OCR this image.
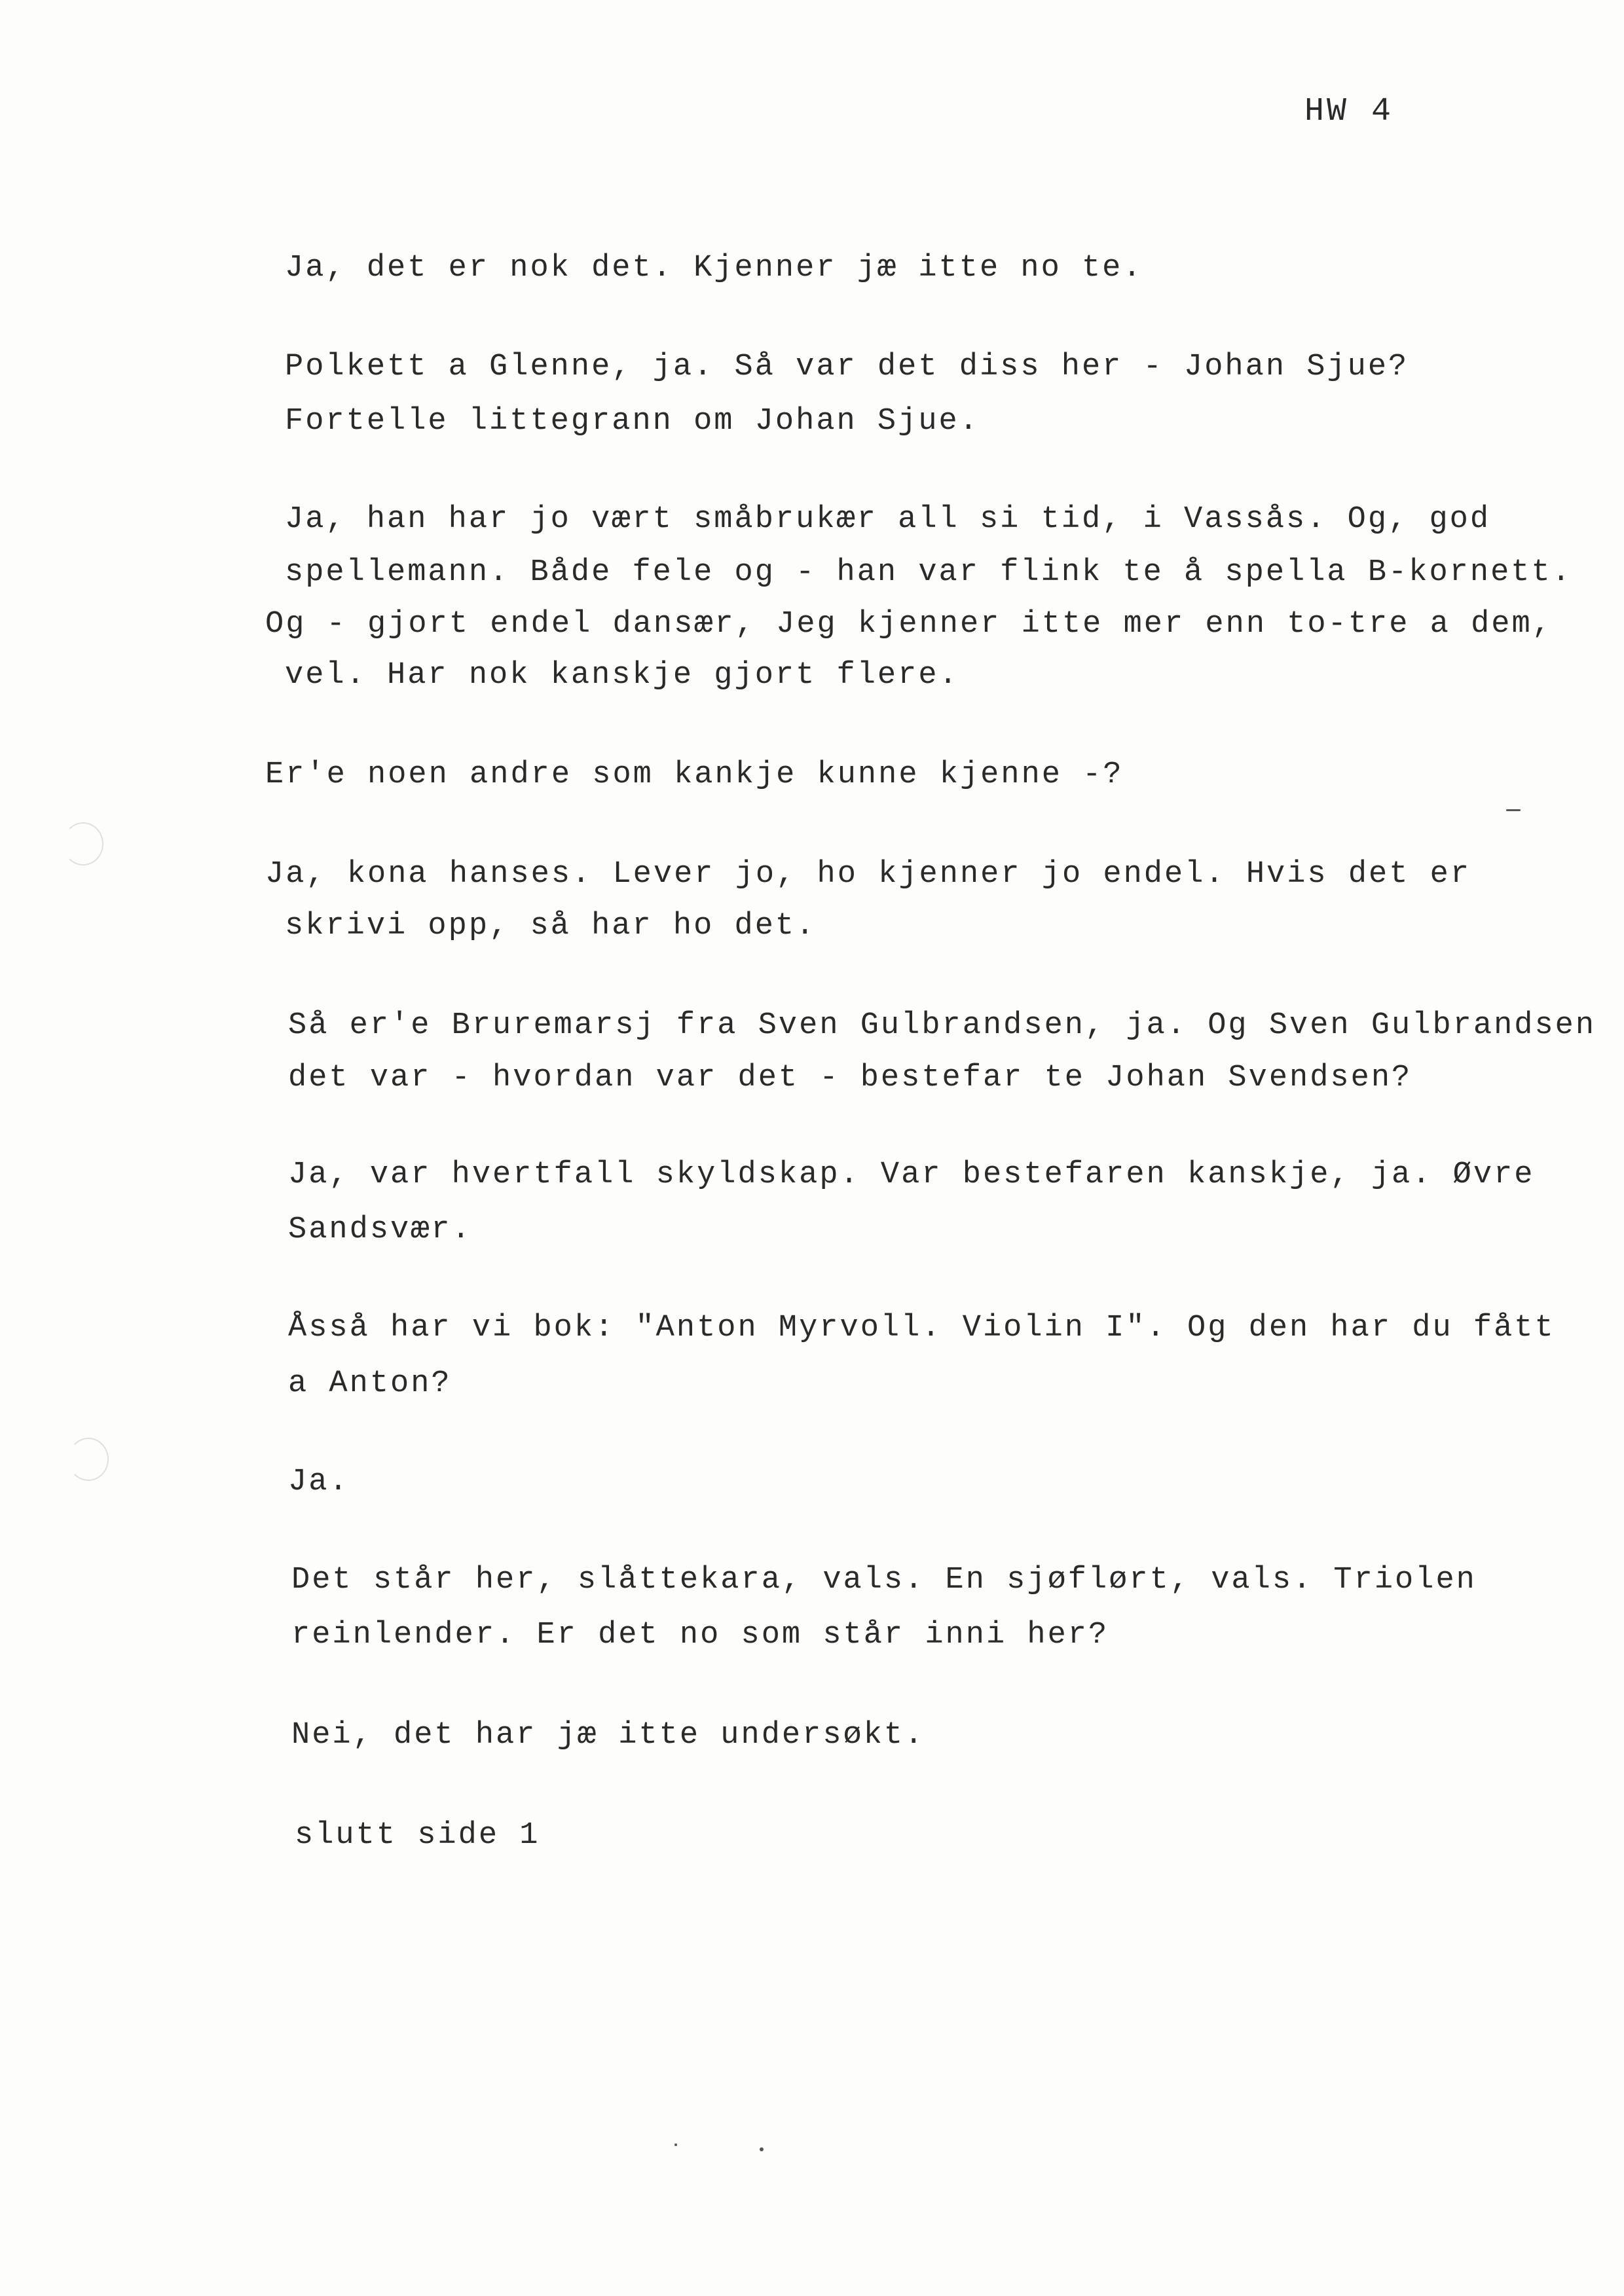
HW 4
Ja, det er nok det. Kjenner jæ itte no te.
Polkett a Glenne, ja. Så var det diss her - Johan Sjue?
Fortelle littegrann om Johan Sjue.
Ja, han har jo vært småbrukær all si tid, i Vassås. Og, god
spellemann. Både fele og - han var flink te å spella B-kornett.
Og - gjort endel dansær, Jeg kjenner itte mer enn to-tre a dem,
vel. Har nok kanskje gjort flere.
Er'e noen andre som kankje kunne kjenne -?
Ja, kona hanses. Lever jo, ho kjenner jo endel. Hvis det er
skrivi opp, så har ho det.
Så er'e Bruremarsj fra Sven Gulbrandsen, ja. Og Sven Gulbrandsen
det var - hvordan var det - bestefar te Johan Svendsen?
Ja, var hvertfall skyldskap. Var bestefaren kanskje, ja. Øvre
Sandsvær.
Åsså har vi bok: "Anton Myrvoll. Violin I". Og den har du fått
a Anton?
Ja.
Det står her, slåttekara, vals. En sjøflørt, vals. Triolen
reinlender. Er det no som står inni her?
Nei, det har jæ itte undersøkt.
slutt side 1
